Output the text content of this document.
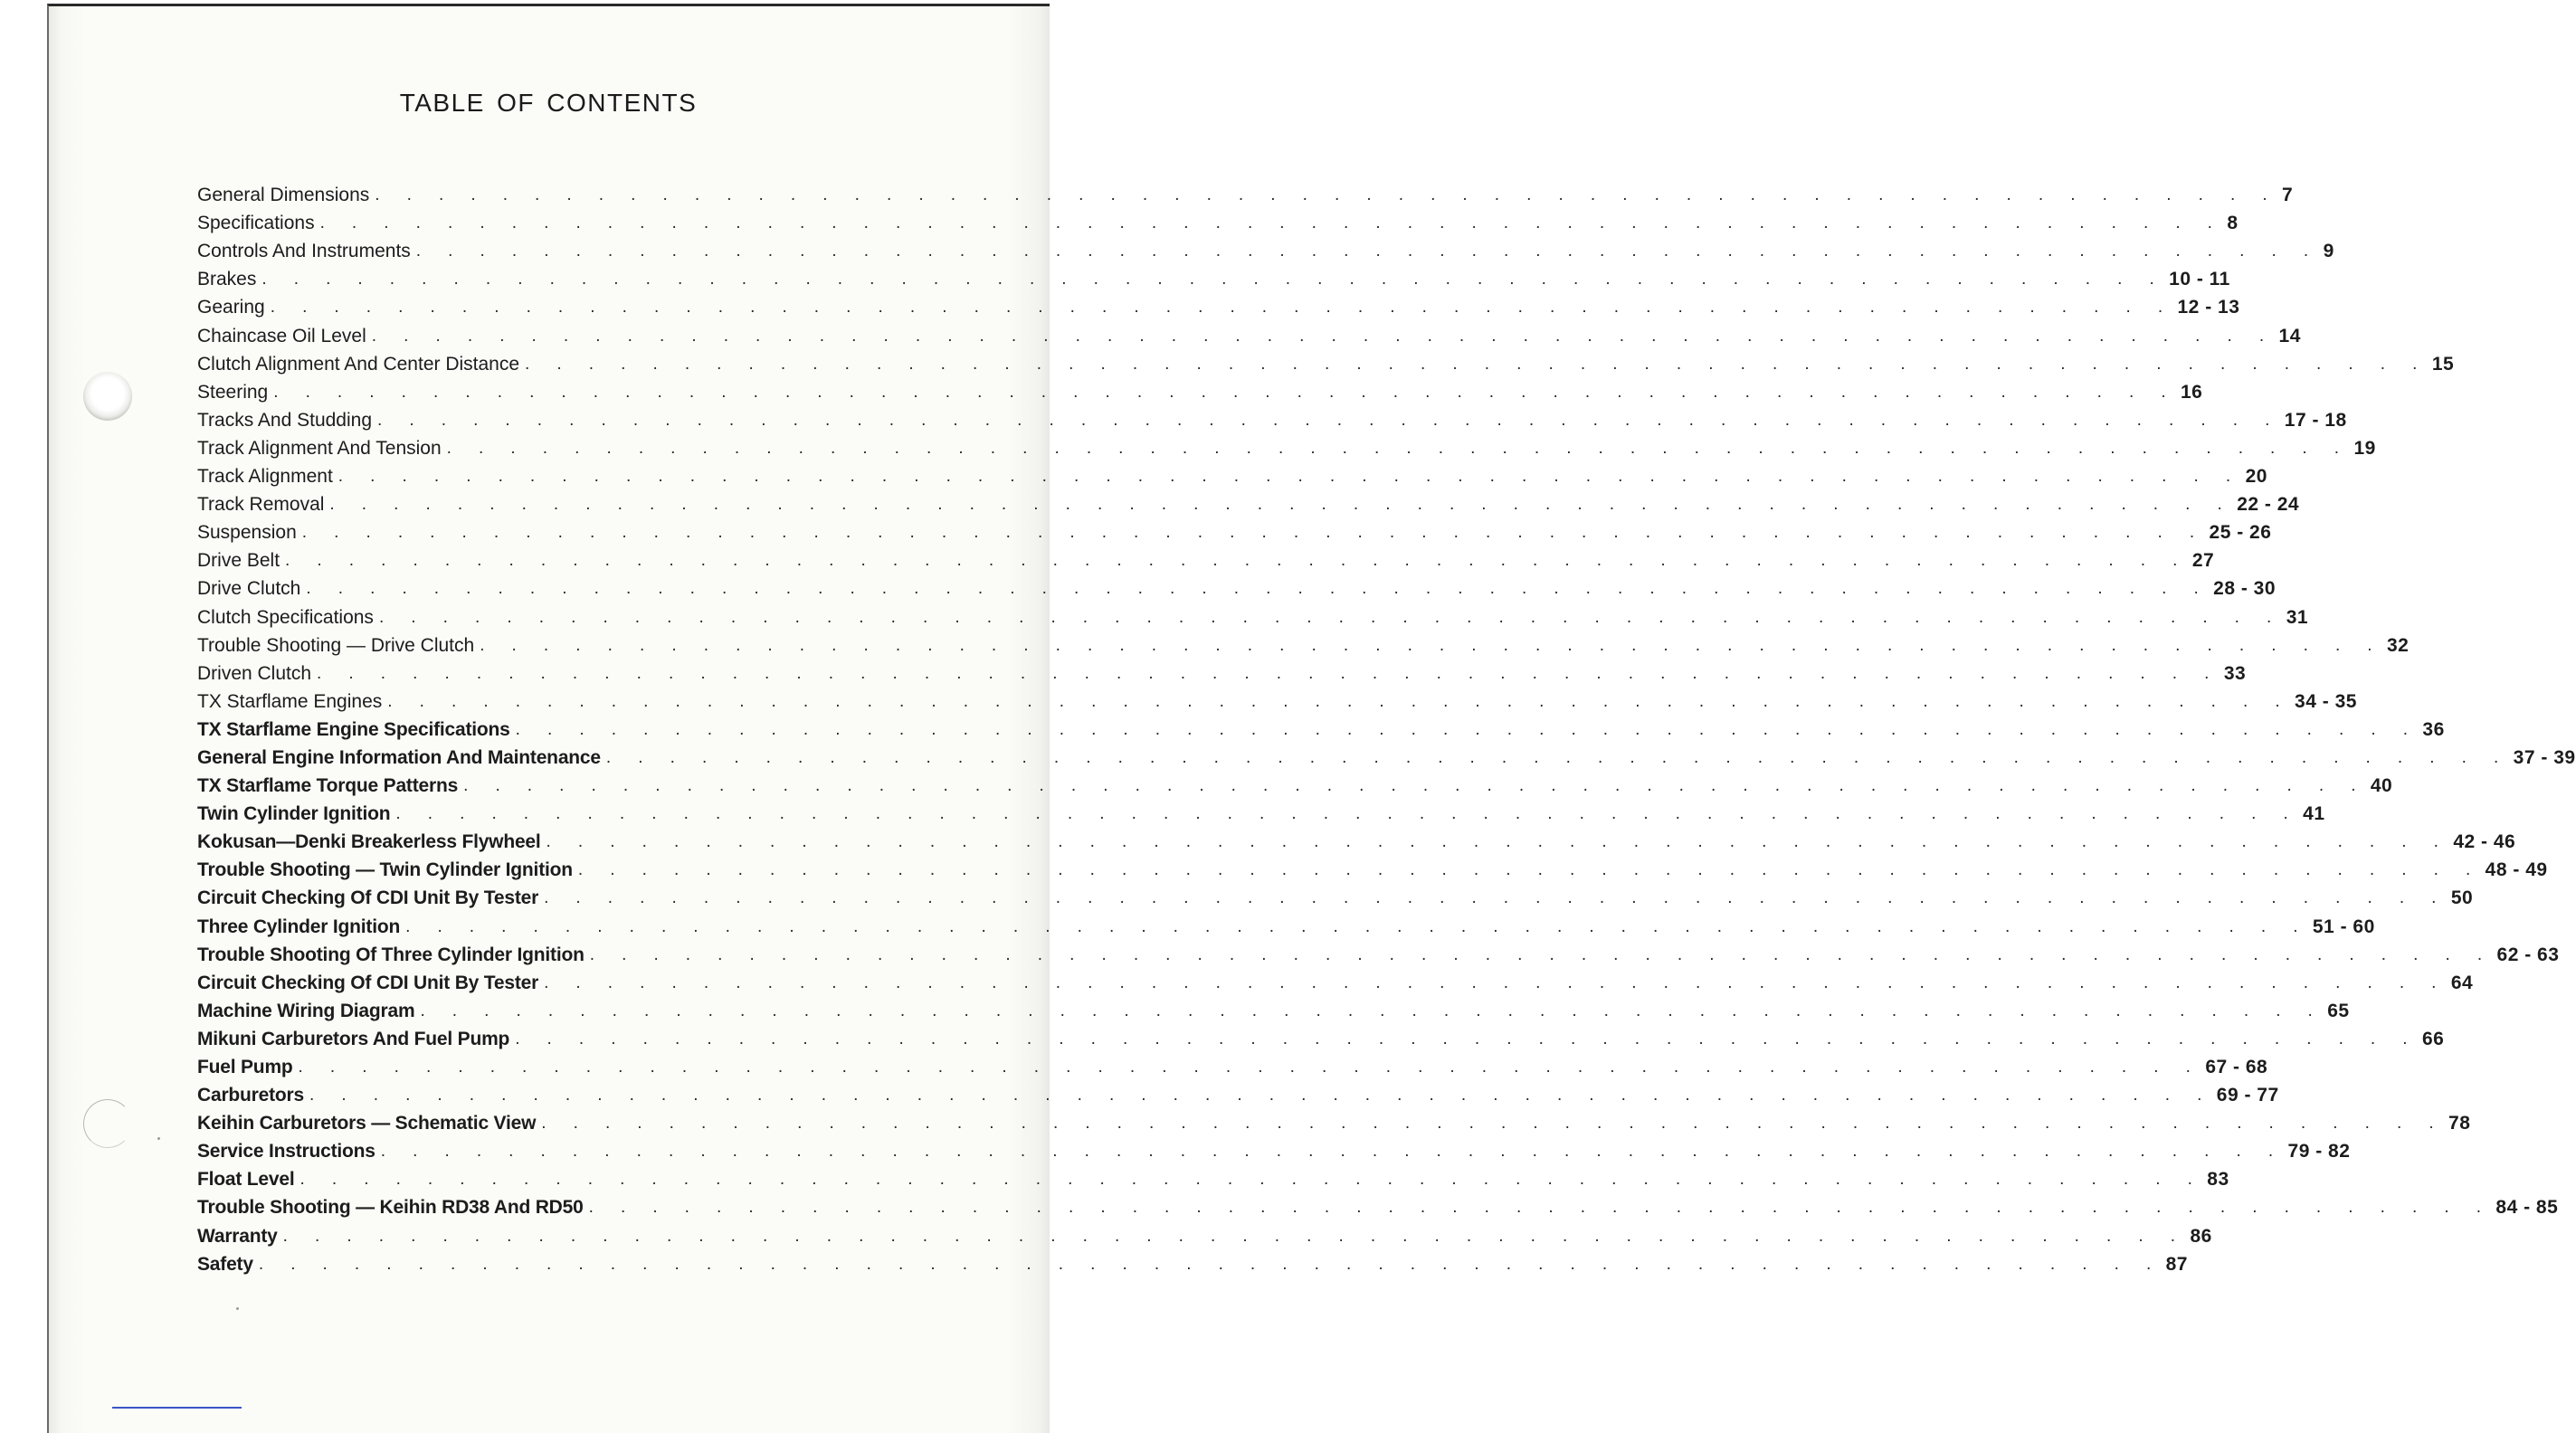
TABLE OF CONTENTS
General Dimensions . . . . . . . . . . . . . . . . . . . . . . . . . . . . . . . . . . . . . . . . . . . . . . . . . . . . . . . . . . . . 7
Specifications . . . . . . . . . . . . . . . . . . . . . . . . . . . . . . . . . . . . . . . . . . . . . . . . . . . . . . . . . . . . 8
Controls And Instruments . . . . . . . . . . . . . . . . . . . . . . . . . . . . . . . . . . . . . . . . . . . . . . . . . . . . . . . . . . . . 9
Brakes . . . . . . . . . . . . . . . . . . . . . . . . . . . . . . . . . . . . . . . . . . . . . . . . . . . . . . . . . . . . 10 - 11
Gearing . . . . . . . . . . . . . . . . . . . . . . . . . . . . . . . . . . . . . . . . . . . . . . . . . . . . . . . . . . . . 12 - 13
Chaincase Oil Level . . . . . . . . . . . . . . . . . . . . . . . . . . . . . . . . . . . . . . . . . . . . . . . . . . . . . . . . . . . . 14
Clutch Alignment And Center Distance . . . . . . . . . . . . . . . . . . . . . . . . . . . . . . . . . . . . . . . . . . . . . . . . . . . . . . . . . . . . 15
Steering . . . . . . . . . . . . . . . . . . . . . . . . . . . . . . . . . . . . . . . . . . . . . . . . . . . . . . . . . . . . 16
Tracks And Studding . . . . . . . . . . . . . . . . . . . . . . . . . . . . . . . . . . . . . . . . . . . . . . . . . . . . . . . . . . . . 17 - 18
Track Alignment And Tension . . . . . . . . . . . . . . . . . . . . . . . . . . . . . . . . . . . . . . . . . . . . . . . . . . . . . . . . . . . . 19
Track Alignment . . . . . . . . . . . . . . . . . . . . . . . . . . . . . . . . . . . . . . . . . . . . . . . . . . . . . . . . . . . . 20
Track Removal . . . . . . . . . . . . . . . . . . . . . . . . . . . . . . . . . . . . . . . . . . . . . . . . . . . . . . . . . . . . 22 - 24
Suspension . . . . . . . . . . . . . . . . . . . . . . . . . . . . . . . . . . . . . . . . . . . . . . . . . . . . . . . . . . . . 25 - 26
Drive Belt . . . . . . . . . . . . . . . . . . . . . . . . . . . . . . . . . . . . . . . . . . . . . . . . . . . . . . . . . . . . 27
Drive Clutch . . . . . . . . . . . . . . . . . . . . . . . . . . . . . . . . . . . . . . . . . . . . . . . . . . . . . . . . . . . . 28 - 30
Clutch Specifications . . . . . . . . . . . . . . . . . . . . . . . . . . . . . . . . . . . . . . . . . . . . . . . . . . . . . . . . . . . . 31
Trouble Shooting — Drive Clutch . . . . . . . . . . . . . . . . . . . . . . . . . . . . . . . . . . . . . . . . . . . . . . . . . . . . . . . . . . . . 32
Driven Clutch . . . . . . . . . . . . . . . . . . . . . . . . . . . . . . . . . . . . . . . . . . . . . . . . . . . . . . . . . . . . 33
TX Starflame Engines . . . . . . . . . . . . . . . . . . . . . . . . . . . . . . . . . . . . . . . . . . . . . . . . . . . . . . . . . . . . 34 - 35
TX Starflame Engine Specifications . . . . . . . . . . . . . . . . . . . . . . . . . . . . . . . . . . . . . . . . . . . . . . . . . . . . . . . . . . . . 36
General Engine Information And Maintenance . . . . . . . . . . . . . . . . . . . . . . . . . . . . . . . . . . . . . . . . . . . . . . . . . . . . . . . . . . . . 37 - 39
TX Starflame Torque Patterns . . . . . . . . . . . . . . . . . . . . . . . . . . . . . . . . . . . . . . . . . . . . . . . . . . . . . . . . . . . . 40
Twin Cylinder Ignition . . . . . . . . . . . . . . . . . . . . . . . . . . . . . . . . . . . . . . . . . . . . . . . . . . . . . . . . . . . . 41
Kokusan—Denki Breakerless Flywheel . . . . . . . . . . . . . . . . . . . . . . . . . . . . . . . . . . . . . . . . . . . . . . . . . . . . . . . . . . . . 42 - 46
Trouble Shooting — Twin Cylinder Ignition . . . . . . . . . . . . . . . . . . . . . . . . . . . . . . . . . . . . . . . . . . . . . . . . . . . . . . . . . . . . 48 - 49
Circuit Checking Of CDI Unit By Tester . . . . . . . . . . . . . . . . . . . . . . . . . . . . . . . . . . . . . . . . . . . . . . . . . . . . . . . . . . . . 50
Three Cylinder Ignition . . . . . . . . . . . . . . . . . . . . . . . . . . . . . . . . . . . . . . . . . . . . . . . . . . . . . . . . . . . . 51 - 60
Trouble Shooting Of Three Cylinder Ignition . . . . . . . . . . . . . . . . . . . . . . . . . . . . . . . . . . . . . . . . . . . . . . . . . . . . . . . . . . . . 62 - 63
Circuit Checking Of CDI Unit By Tester . . . . . . . . . . . . . . . . . . . . . . . . . . . . . . . . . . . . . . . . . . . . . . . . . . . . . . . . . . . . 64
Machine Wiring Diagram . . . . . . . . . . . . . . . . . . . . . . . . . . . . . . . . . . . . . . . . . . . . . . . . . . . . . . . . . . . . 65
Mikuni Carburetors And Fuel Pump . . . . . . . . . . . . . . . . . . . . . . . . . . . . . . . . . . . . . . . . . . . . . . . . . . . . . . . . . . . . 66
Fuel Pump . . . . . . . . . . . . . . . . . . . . . . . . . . . . . . . . . . . . . . . . . . . . . . . . . . . . . . . . . . . . 67 - 68
Carburetors . . . . . . . . . . . . . . . . . . . . . . . . . . . . . . . . . . . . . . . . . . . . . . . . . . . . . . . . . . . . 69 - 77
Keihin Carburetors — Schematic View . . . . . . . . . . . . . . . . . . . . . . . . . . . . . . . . . . . . . . . . . . . . . . . . . . . . . . . . . . . . 78
Service Instructions . . . . . . . . . . . . . . . . . . . . . . . . . . . . . . . . . . . . . . . . . . . . . . . . . . . . . . . . . . . . 79 - 82
Float Level . . . . . . . . . . . . . . . . . . . . . . . . . . . . . . . . . . . . . . . . . . . . . . . . . . . . . . . . . . . . 83
Trouble Shooting — Keihin RD38 And RD50 . . . . . . . . . . . . . . . . . . . . . . . . . . . . . . . . . . . . . . . . . . . . . . . . . . . . . . . . . . . . 84 - 85
Warranty . . . . . . . . . . . . . . . . . . . . . . . . . . . . . . . . . . . . . . . . . . . . . . . . . . . . . . . . . . . . 86
Safety . . . . . . . . . . . . . . . . . . . . . . . . . . . . . . . . . . . . . . . . . . . . . . . . . . . . . . . . . . . . 87
